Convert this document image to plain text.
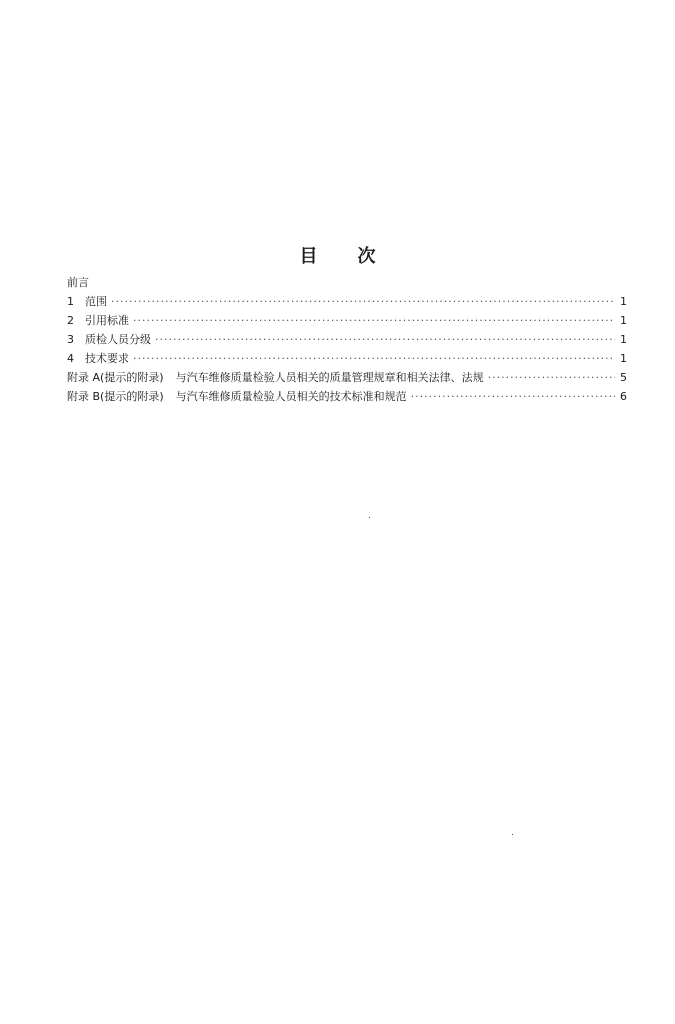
目 次
前言
1	范围 ·····	1
2	引用标准 ·····	1
3	质检人员分级 ·····	1
4	技术要求 ·····	1
附录 A(提示的附录) 与汽车维修质量检验人员相关的质量管理规章和相关法律、法规 ·····	5
附录 B(提示的附录) 与汽车维修质量检验人员相关的技术标准和规范 ·····	6
